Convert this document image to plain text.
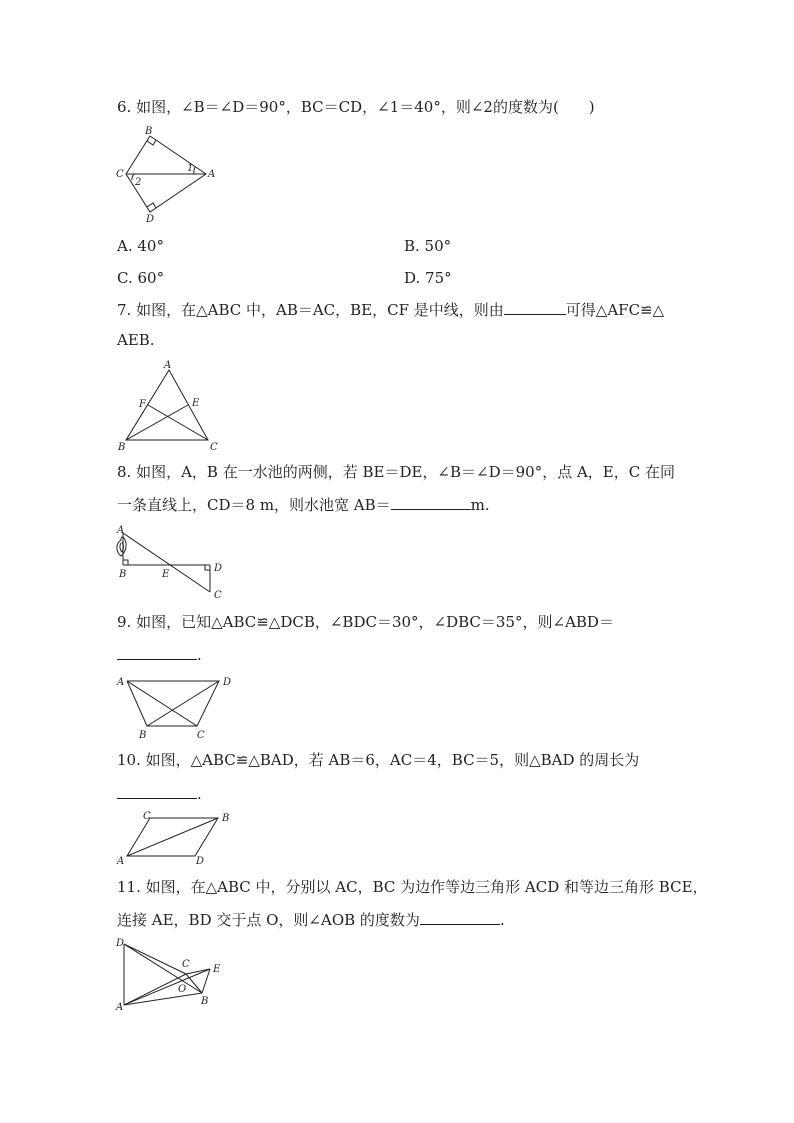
6. 如图，∠B＝∠D＝90°，BC＝CD，∠1＝40°，则∠2的度数为(　　)
B
C	A
D
1
2
A. 40°	B. 50°
C. 60°	D. 75°
7. 如图，在△ABC 中，AB＝AC，BE，CF 是中线，则由	可得△AFC≌△
AEB.
A
F	E
B	C
8. 如图，A，B 在一水池的两侧，若 BE＝DE，∠B＝∠D＝90°，点 A，E，C 在同
一条直线上，CD＝8 m，则水池宽 AB＝	m.
A
B	E
D
C
9. 如图，已知△ABC≌△DCB，∠BDC＝30°，∠DBC＝35°，则∠ABD＝
.
A	D
B	C
10. 如图，△ABC≌△BAD，若 AB＝6，AC＝4，BC＝5，则△BAD 的周长为
.
C	B
A	D
11. 如图，在△ABC 中，分别以 AC，BC 为边作等边三角形 ACD 和等边三角形 BCE，
连接 AE，BD 交于点 O，则∠AOB 的度数为	.
D
C E
O
A
B
